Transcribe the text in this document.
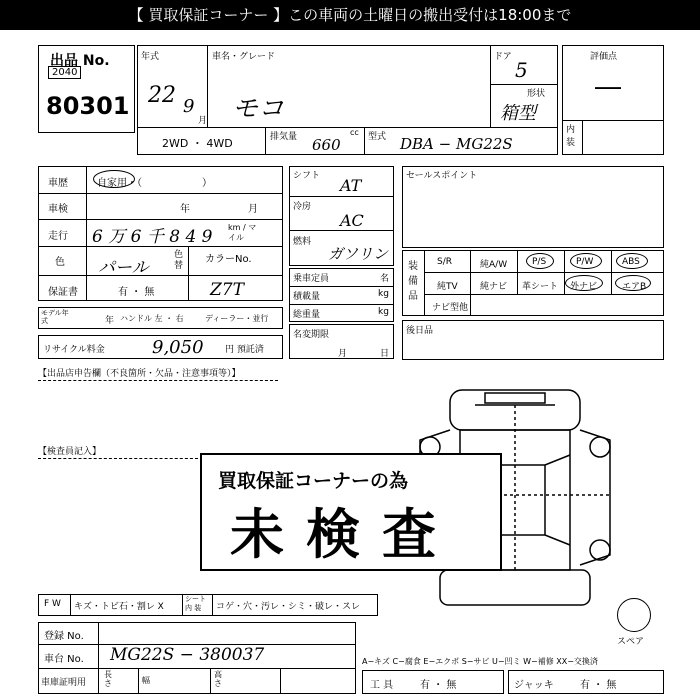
【 買取保証コーナー 】この車両の土曜日の搬出受付は18:00まで
出品 No.
2040
80301
年式
22 9
月
車名・グレード
モコ
ドア
5
形状
箱型
2WD ・ 4WD	排気量 660
cc 型式 DBA − MG22S
評価点
―
内装
車歴	自家用・（　　　　　　）
車検	年	月
走行 6 万 6 千 8 4 9 km / マイル
色 パール
色替
カラーNo.
保証書	有 ・ 無	Z7T
モデル年式	年 ハンドル 左 ・ 右	ディーラー・並行
リサイクル料金	9,050 円 預託済
シフト AT
冷房
AC
燃料
ガソリン
乗車定員	名
積載量	kg
総重量	kg
名変期限
月	日
セールスポイント
装備品
S/R	純A/W	P/S	P/W	ABS
純TV 純ナビ 革シート 外ナビ	エアB
ナビ型他
後日品
【出品店申告欄（不良箇所・欠品・注意事項等）】
【検査員記入】
買取保証コーナーの為
未検査
スペア
F W キズ・トビ石・割レ X
シート内 装	コゲ・穴・汚レ・シミ・破レ・スレ
登録 No.
車台 No. MG22S − 380037
車庫証明用
長さ	幅
高さ
A−キズ C−腐食 E−エクボ S−サビ U−凹ミ W−補修 XX−交換済
工 具	有 ・ 無	ジャッキ	有 ・ 無
